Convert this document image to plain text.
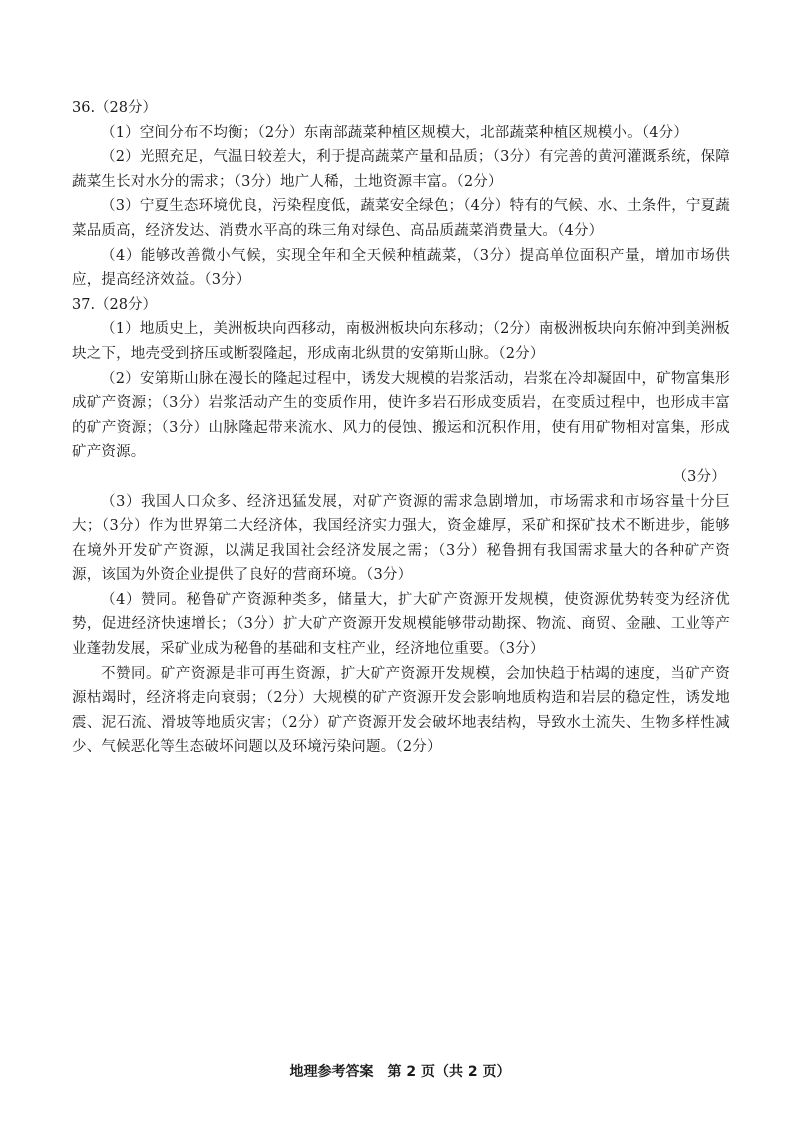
36.（28分）

（1）空间分布不均衡；（2分）东南部蔬菜种植区规模大，北部蔬菜种植区规模小。（4分）

（2）光照充足，气温日较差大，利于提高蔬菜产量和品质；（3分）有完善的黄河灌溉系统，保障蔬菜生长对水分的需求；（3分）地广人稀，土地资源丰富。（2分）

（3）宁夏生态环境优良，污染程度低，蔬菜安全绿色；（4分）特有的气候、水、土条件，宁夏蔬菜品质高，经济发达、消费水平高的珠三角对绿色、高品质蔬菜消费量大。（4分）

（4）能够改善微小气候，实现全年和全天候种植蔬菜，（3分）提高单位面积产量，增加市场供应，提高经济效益。（3分）

37.（28分）

（1）地质史上，美洲板块向西移动，南极洲板块向东移动；（2分）南极洲板块向东俯冲到美洲板块之下，地壳受到挤压或断裂隆起，形成南北纵贯的安第斯山脉。（2分）

（2）安第斯山脉在漫长的隆起过程中，诱发大规模的岩浆活动，岩浆在冷却凝固中，矿物富集形成矿产资源；（3分）岩浆活动产生的变质作用，使许多岩石形成变质岩，在变质过程中，也形成丰富的矿产资源；（3分）山脉隆起带来流水、风力的侵蚀、搬运和沉积作用，使有用矿物相对富集，形成矿产资源。

（3分）

（3）我国人口众多、经济迅猛发展，对矿产资源的需求急剧增加，市场需求和市场容量十分巨大；（3分）作为世界第二大经济体，我国经济实力强大，资金雄厚，采矿和探矿技术不断进步，能够在境外开发矿产资源，以满足我国社会经济发展之需；（3分）秘鲁拥有我国需求量大的各种矿产资源，该国为外资企业提供了良好的营商环境。（3分）

（4）赞同。秘鲁矿产资源种类多，储量大，扩大矿产资源开发规模，使资源优势转变为经济优势，促进经济快速增长；（3分）扩大矿产资源开发规模能够带动勘探、物流、商贸、金融、工业等产业蓬勃发展，采矿业成为秘鲁的基础和支柱产业，经济地位重要。（3分）

不赞同。矿产资源是非可再生资源，扩大矿产资源开发规模，会加快趋于枯竭的速度，当矿产资源枯竭时，经济将走向衰弱；（2分）大规模的矿产资源开发会影响地质构造和岩层的稳定性，诱发地震、泥石流、滑坡等地质灾害；（2分）矿产资源开发会破坏地表结构，导致水土流失、生物多样性减少、气候恶化等生态破坏问题以及环境污染问题。（2分）

地理参考答案　第 2 页（共 2 页）
